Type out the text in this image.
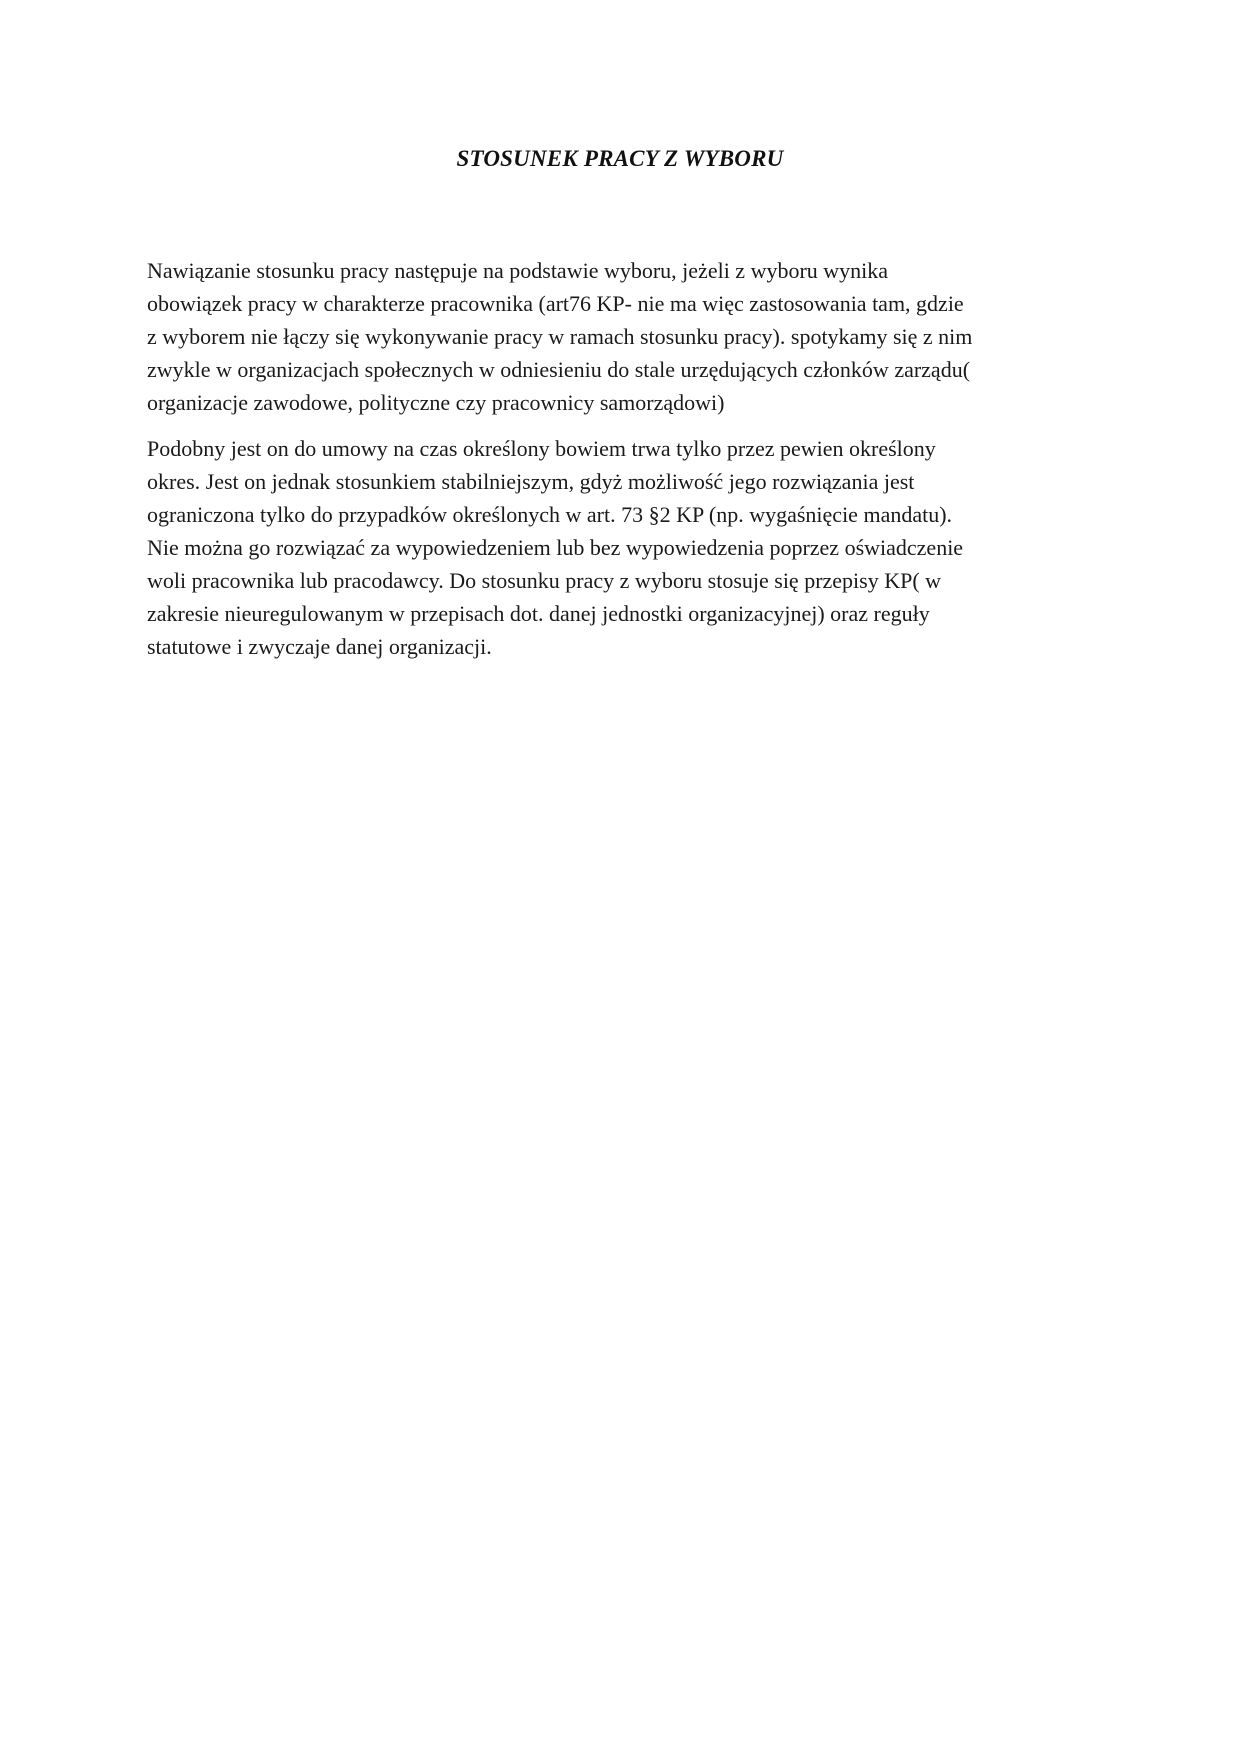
STOSUNEK PRACY Z WYBORU

Nawiązanie stosunku pracy następuje na podstawie wyboru, jeżeli z wyboru wynika
obowiązek pracy w charakterze pracownika (art76 KP- nie ma więc zastosowania tam, gdzie
z wyborem nie łączy się wykonywanie pracy w ramach stosunku pracy). spotykamy się z nim
zwykle w organizacjach społecznych w odniesieniu do stale urzędujących członków zarządu(
organizacje zawodowe, polityczne czy pracownicy samorządowi)

Podobny jest on do umowy na czas określony bowiem trwa tylko przez pewien określony
okres. Jest on jednak stosunkiem stabilniejszym, gdyż możliwość jego rozwiązania jest
ograniczona tylko do przypadków określonych w art. 73 §2 KP (np. wygaśnięcie mandatu).
Nie można go rozwiązać za wypowiedzeniem lub bez wypowiedzenia poprzez oświadczenie
woli pracownika lub pracodawcy. Do stosunku pracy z wyboru stosuje się przepisy KP( w
zakresie nieuregulowanym w przepisach dot. danej jednostki organizacyjnej) oraz reguły
statutowe i zwyczaje danej organizacji.
